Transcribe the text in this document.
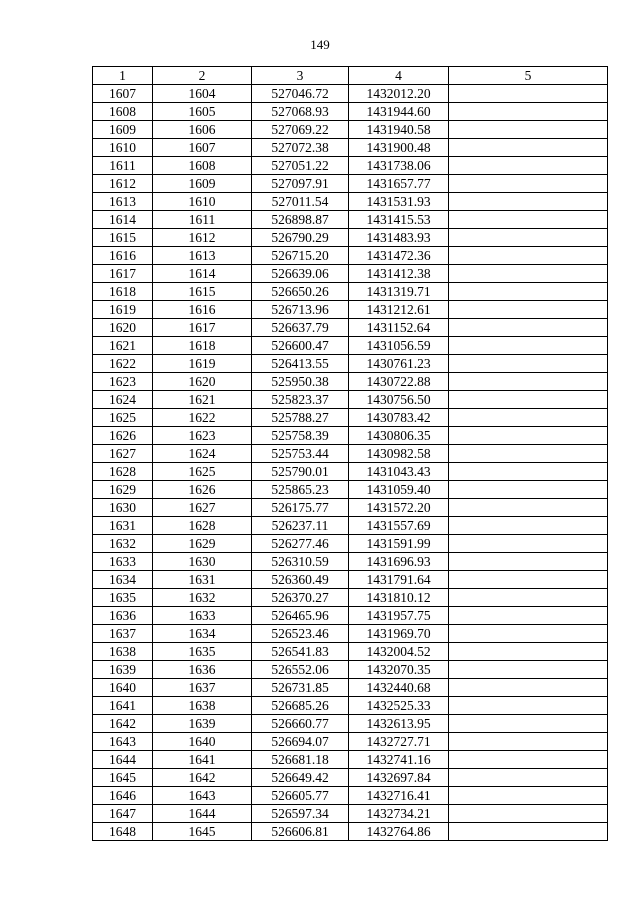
149
1	2	3	4	5
1607	1604	527046.72	1432012.20	
1608	1605	527068.93	1431944.60	
1609	1606	527069.22	1431940.58	
1610	1607	527072.38	1431900.48	
1611	1608	527051.22	1431738.06	
1612	1609	527097.91	1431657.77	
1613	1610	527011.54	1431531.93	
1614	1611	526898.87	1431415.53	
1615	1612	526790.29	1431483.93	
1616	1613	526715.20	1431472.36	
1617	1614	526639.06	1431412.38	
1618	1615	526650.26	1431319.71	
1619	1616	526713.96	1431212.61	
1620	1617	526637.79	1431152.64	
1621	1618	526600.47	1431056.59	
1622	1619	526413.55	1430761.23	
1623	1620	525950.38	1430722.88	
1624	1621	525823.37	1430756.50	
1625	1622	525788.27	1430783.42	
1626	1623	525758.39	1430806.35	
1627	1624	525753.44	1430982.58	
1628	1625	525790.01	1431043.43	
1629	1626	525865.23	1431059.40	
1630	1627	526175.77	1431572.20	
1631	1628	526237.11	1431557.69	
1632	1629	526277.46	1431591.99	
1633	1630	526310.59	1431696.93	
1634	1631	526360.49	1431791.64	
1635	1632	526370.27	1431810.12	
1636	1633	526465.96	1431957.75	
1637	1634	526523.46	1431969.70	
1638	1635	526541.83	1432004.52	
1639	1636	526552.06	1432070.35	
1640	1637	526731.85	1432440.68	
1641	1638	526685.26	1432525.33	
1642	1639	526660.77	1432613.95	
1643	1640	526694.07	1432727.71	
1644	1641	526681.18	1432741.16	
1645	1642	526649.42	1432697.84	
1646	1643	526605.77	1432716.41	
1647	1644	526597.34	1432734.21	
1648	1645	526606.81	1432764.86	
